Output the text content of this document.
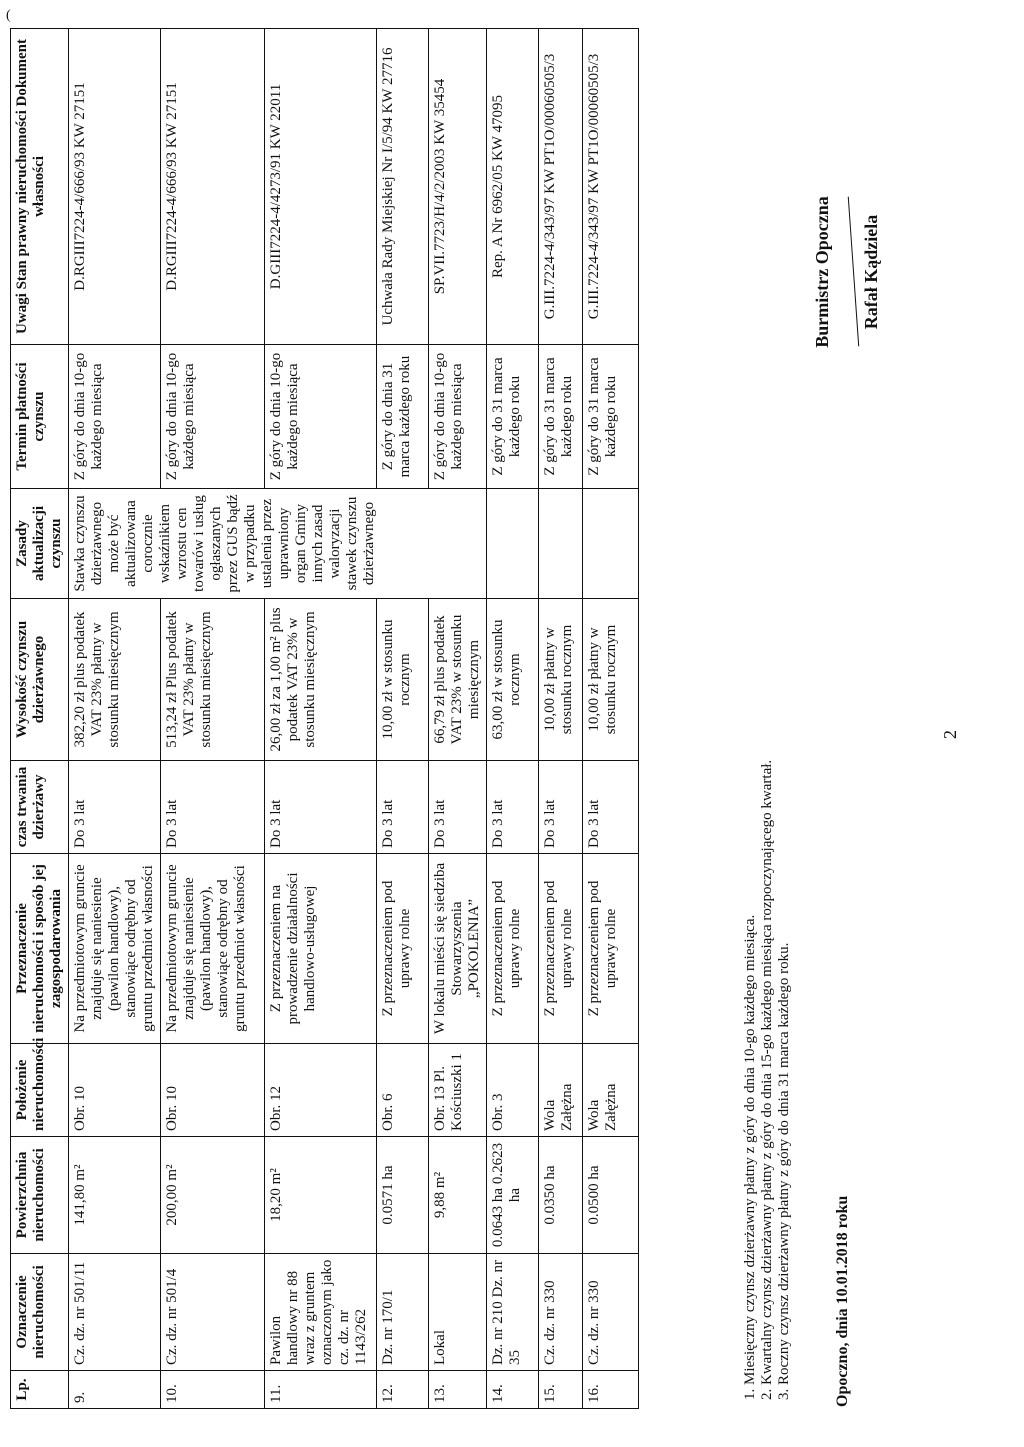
(
Lp.	Oznaczenie nieruchomości	Powierzchnia nieruchomości	Położenie nieruchomości	Przeznaczenie nieruchomości i sposób jej zagospodarowania	czas trwania dzierżawy	Wysokość czynszu dzierżawnego	Zasady aktualizacji czynszu	Termin płatności czynszu	Uwagi Stan prawny nieruchomości Dokument własności
9.	Cz. dz. nr 501/11	141,80 m²	Obr. 10	Na przedmiotowym gruncie znajduje się naniesienie (pawilon handlowy), stanowiące odrębny od gruntu przedmiot własności	Do 3 lat	382,20 zł plus podatek VAT 23% płatny w stosunku miesięcznym	Stawka czynszu dzierżawnego może być aktualizowana corocznie wskaźnikiem wzrostu cen towarów i usług ogłaszanych przez GUS bądź w przypadku ustalenia przez uprawniony organ Gminy innych zasad waloryzacji stawek czynszu dzierżawnego	Z góry do dnia 10-go każdego miesiąca	D.RGIII7224-4/666/93 KW 27151
10.	Cz. dz. nr 501/4	200,00 m²	Obr. 10	Na przedmiotowym gruncie znajduje się naniesienie (pawilon handlowy), stanowiące odrębny od gruntu przedmiot własności	Do 3 lat	513,24 zł Plus podatek VAT 23% płatny w stosunku miesięcznym		Z góry do dnia 10-go każdego miesiąca	D.RGIII7224-4/666/93 KW 27151
11.	Pawilon handlowy nr 88 wraz z gruntem oznaczonym jako cz. dz. nr 1143/262	18,20 m²	Obr. 12	Z przeznaczeniem na prowadzenie działalności handlowo-usługowej	Do 3 lat	26,00 zł za 1,00 m² plus podatek VAT 23% w stosunku miesięcznym		Z góry do dnia 10-go każdego miesiąca	D.GIII7224-4/4273/91 KW 22011
12.	Dz. nr 170/1	0.0571 ha	Obr. 6	Z przeznaczeniem pod uprawy rolne	Do 3 lat	10,00 zł w stosunku rocznym		Z góry do dnia 31 marca każdego roku	Uchwała Rady Miejskiej Nr I/5/94 KW 27716
13.	Lokal	9,88 m²	Obr. 13 Pl. Kościuszki 1	W lokalu mieści się siedziba Stowarzyszenia „POKOLENIA”	Do 3 lat	66,79 zł plus podatek VAT 23% w stosunku miesięcznym		Z góry do dnia 10-go każdego miesiąca	SP.VII.7723/H/4/2/2003 KW 35454
14.	Dz. nr 210 Dz. nr 35	0.0643 ha 0.2623 ha	Obr. 3	Z przeznaczeniem pod uprawy rolne	Do 3 lat	63,00 zł w stosunku rocznym		Z góry do 31 marca każdego roku	Rep. A Nr 6962/05 KW 47095
15.	Cz. dz. nr 330	0.0350 ha	Wola Załężna	Z przeznaczeniem pod uprawy rolne	Do 3 lat	10,00 zł płatny w stosunku rocznym		Z góry do 31 marca każdego roku	G.III.7224-4/343/97 KW PT1O/00060505/3
16.	Cz. dz. nr 330	0.0500 ha	Wola Załężna	Z przeznaczeniem pod uprawy rolne	Do 3 lat	10,00 zł płatny w stosunku rocznym		Z góry do 31 marca każdego roku	G.III.7224-4/343/97 KW PT1O/00060505/3
1. Miesięczny czynsz dzierżawny płatny z góry do dnia 10-go każdego miesiąca. 2. Kwartalny czynsz dzierżawny płatny z góry do dnia 15-go każdego miesiąca rozpoczynającego kwartał. 3. Roczny czynsz dzierżawny płatny z góry do dnia 31 marca każdego roku.	Opoczno, dnia 10.01.2018 roku
Burmistrz Opoczna	Rafał Kądziela
2
